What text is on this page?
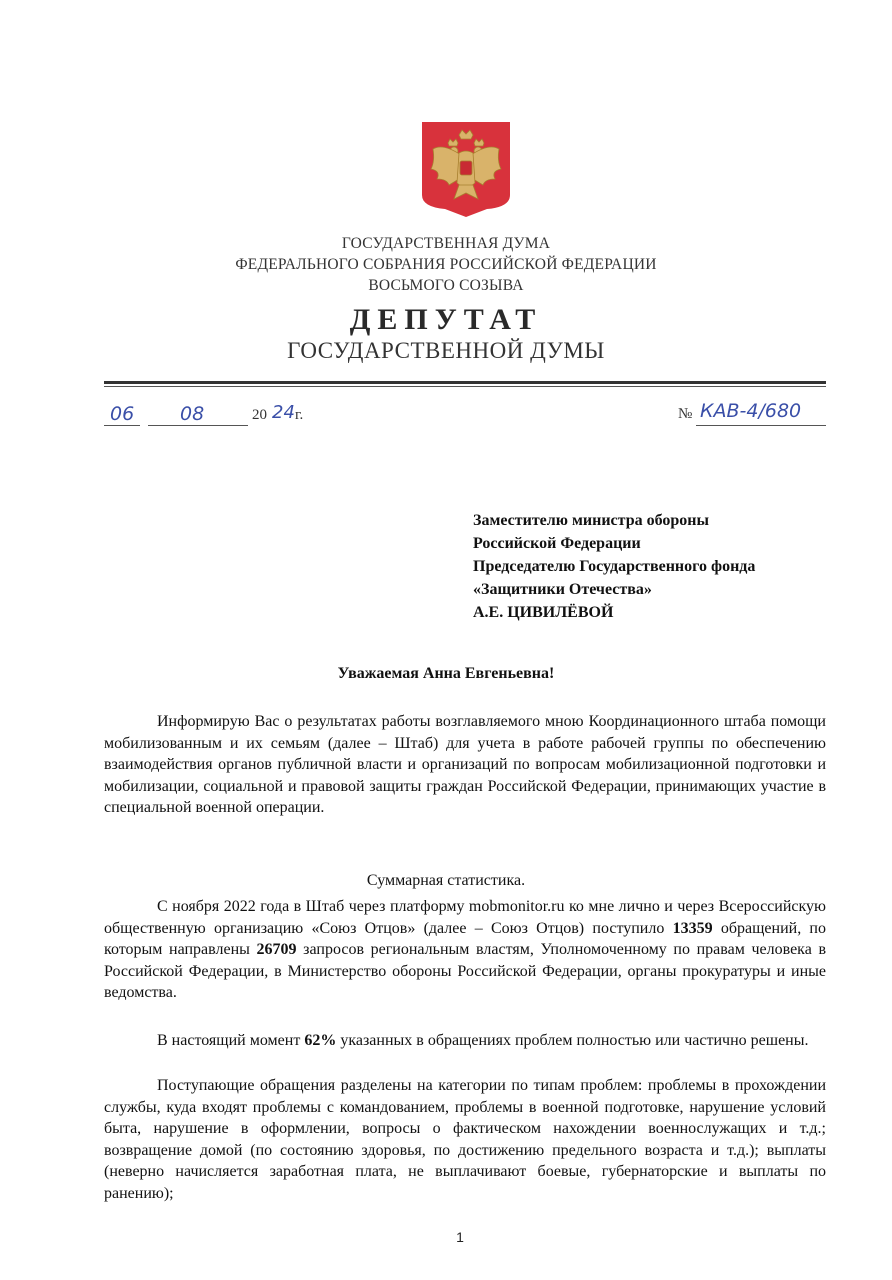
ГОСУДАРСТВЕННАЯ ДУМА
ФЕДЕРАЛЬНОГО СОБРАНИЯ РОССИЙСКОЙ ФЕДЕРАЦИИ
ВОСЬМОГО СОЗЫВА
ДЕПУТАТ
ГОСУДАРСТВЕННОЙ ДУМЫ
06 08	20 24 г.	№ КАВ-4/680
Заместителю министра обороны
Российской Федерации
Председателю Государственного фонда
«Защитники Отечества»
А.Е. ЦИВИЛЁВОЙ
Уважаемая Анна Евгеньевна!
Информирую Вас о результатах работы возглавляемого мною Координационного штаба помощи мобилизованным и их семьям (далее – Штаб) для учета в работе рабочей группы по обеспечению взаимодействия органов публичной власти и организаций по вопросам мобилизационной подготовки и мобилизации, социальной и правовой защиты граждан Российской Федерации, принимающих участие в специальной военной операции.
Суммарная статистика.
С ноября 2022 года в Штаб через платформу mobmonitor.ru ко мне лично и через Всероссийскую общественную организацию «Союз Отцов» (далее – Союз Отцов) поступило 13359 обращений, по которым направлены 26709 запросов региональным властям, Уполномоченному по правам человека в Российской Федерации, в Министерство обороны Российской Федерации, органы прокуратуры и иные ведомства.
В настоящий момент 62% указанных в обращениях проблем полностью или частично решены.
Поступающие обращения разделены на категории по типам проблем: проблемы в прохождении службы, куда входят проблемы с командованием, проблемы в военной подготовке, нарушение условий быта, нарушение в оформлении, вопросы о фактическом нахождении военнослужащих и т.д.; возвращение домой (по состоянию здоровья, по достижению предельного возраста и т.д.); выплаты (неверно начисляется заработная плата, не выплачивают боевые, губернаторские и выплаты по ранению);
1
